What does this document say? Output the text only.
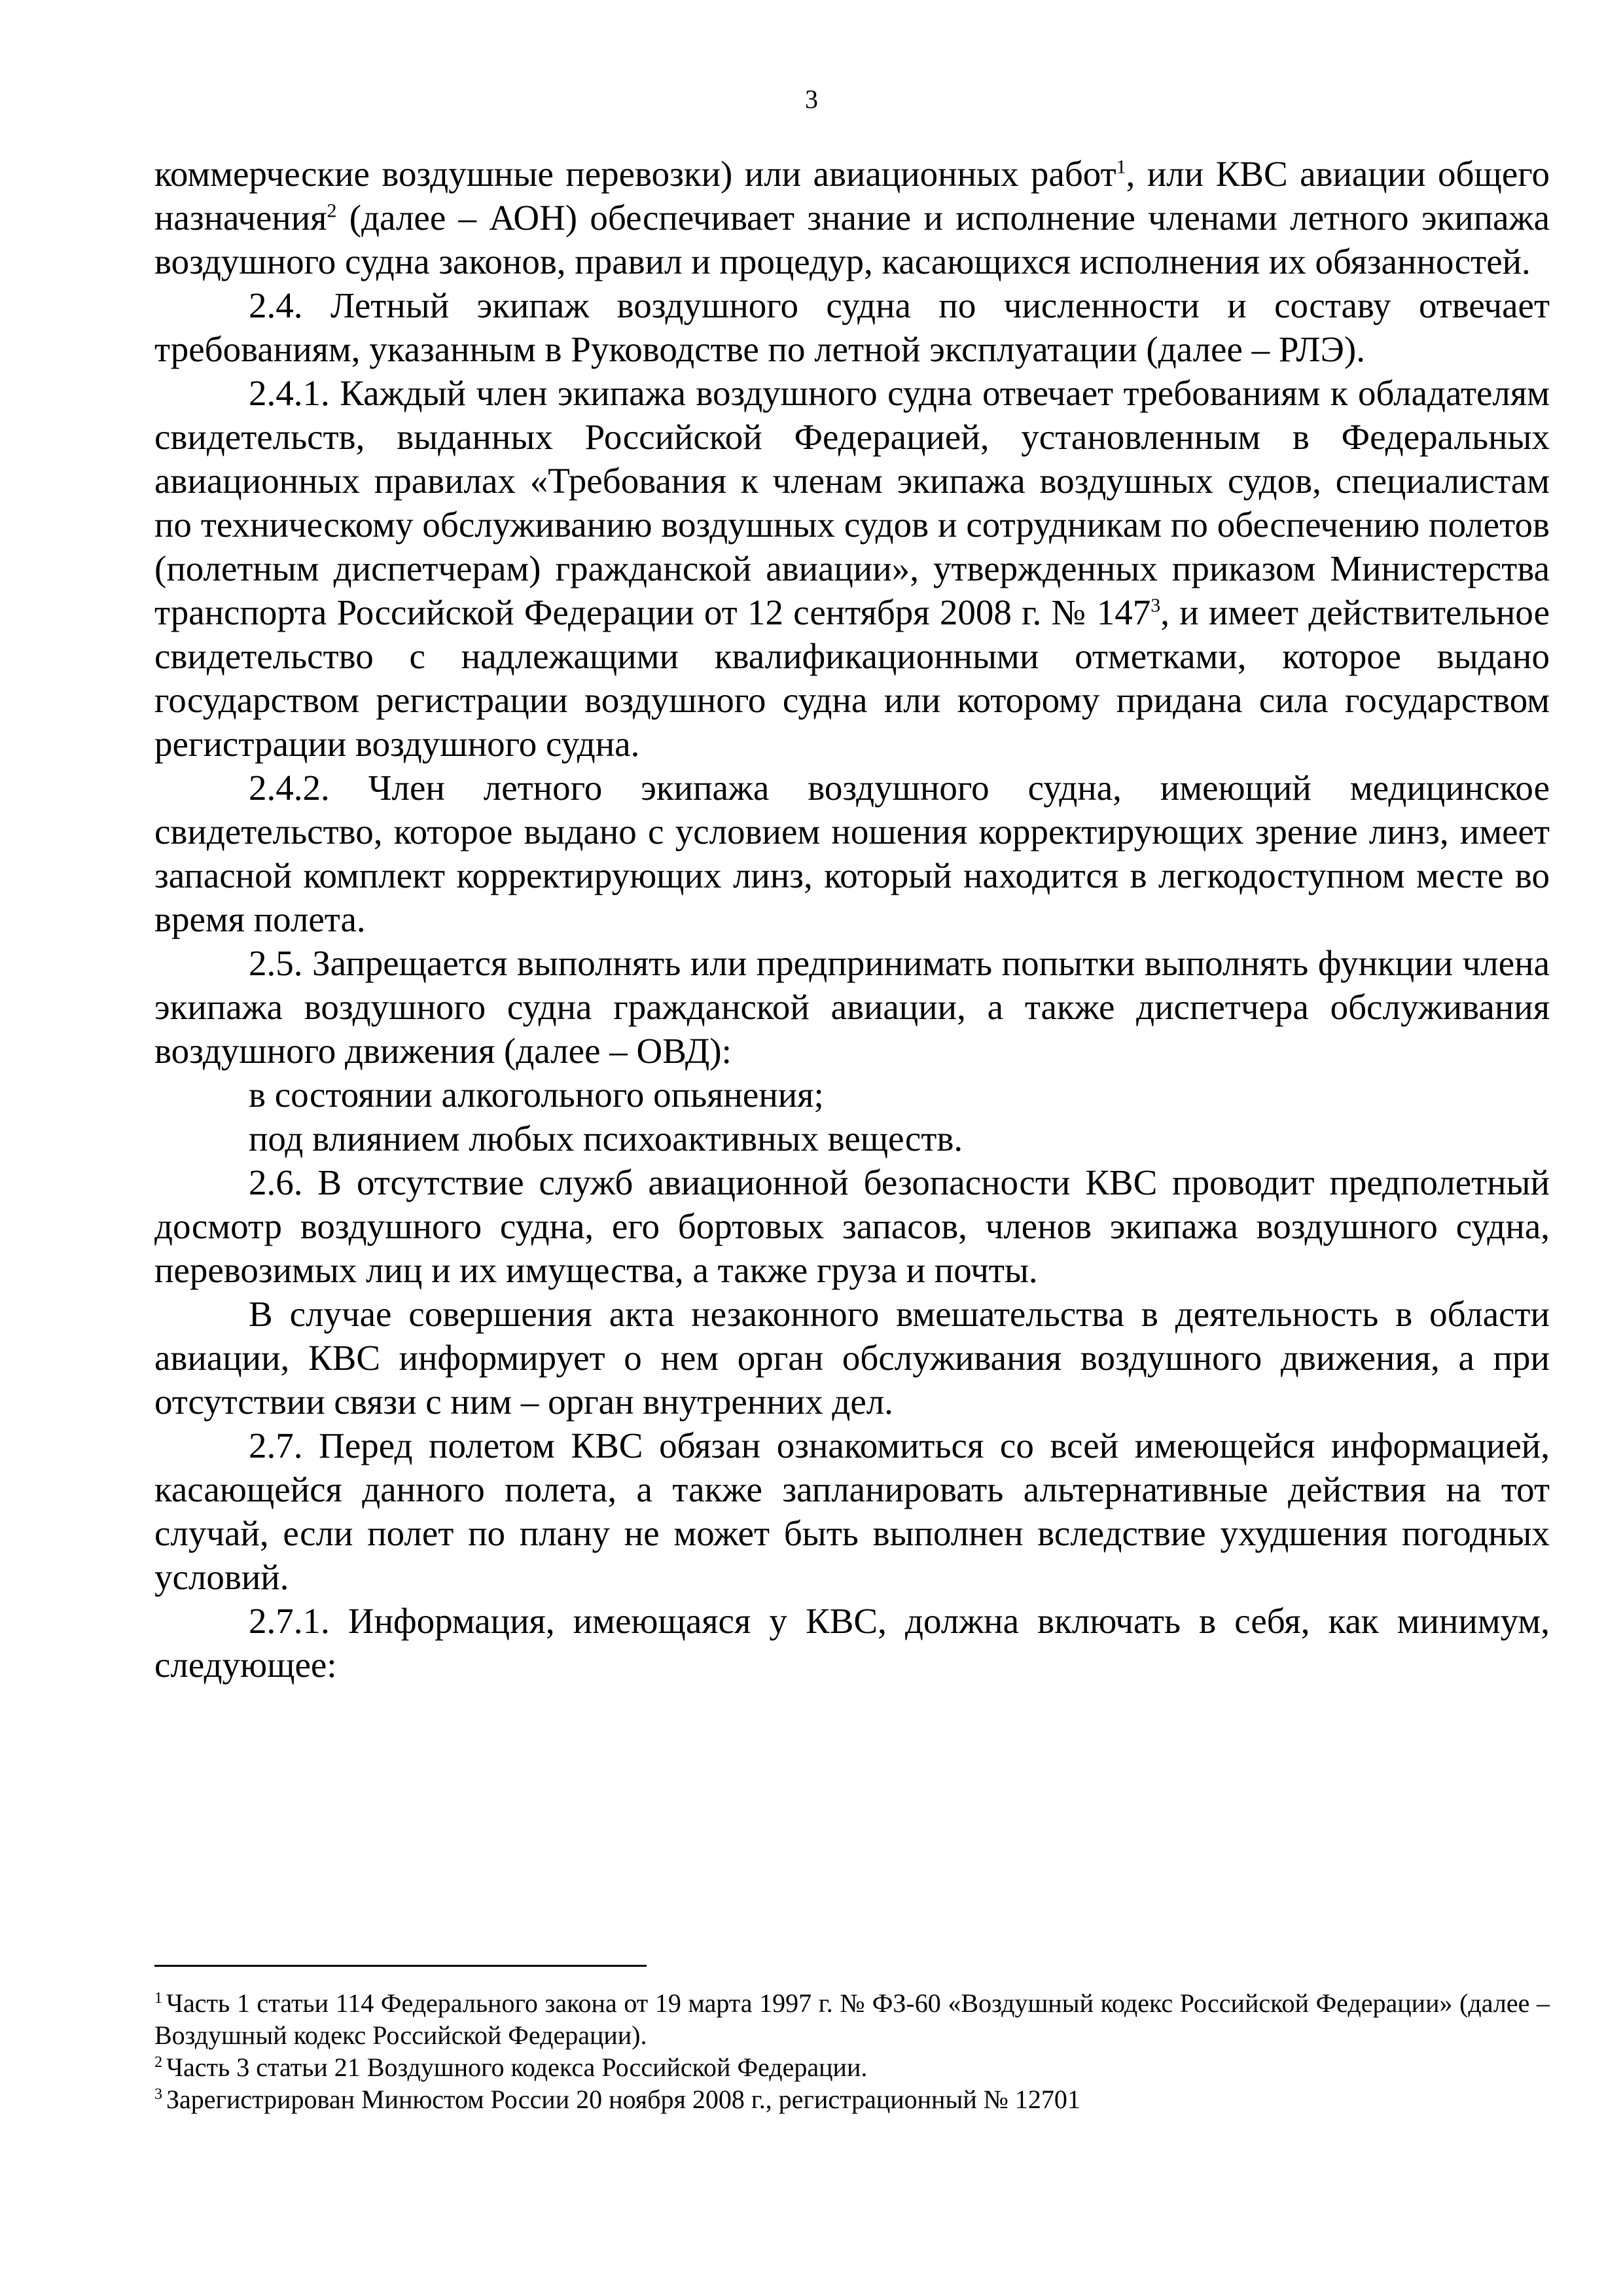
3

коммерческие воздушные перевозки) или авиационных работ$^1$, или КВС авиации общего назначения$^2$ (далее – АОН) обеспечивает знание и исполнение членами летного экипажа воздушного судна законов, правил и процедур, касающихся исполнения их обязанностей.

2.4. Летный экипаж воздушного судна по численности и составу отвечает требованиям, указанным в Руководстве по летной эксплуатации (далее – РЛЭ).

2.4.1. Каждый член экипажа воздушного судна отвечает требованиям к обладателям свидетельств, выданных Российской Федерацией, установленным в Федеральных авиационных правилах «Требования к членам экипажа воздушных судов, специалистам по техническому обслуживанию воздушных судов и сотрудникам по обеспечению полетов (полетным диспетчерам) гражданской авиации», утвержденных приказом Министерства транспорта Российской Федерации от 12 сентября 2008 г. № $147^3$, и имеет действительное свидетельство с надлежащими квалификационными отметками, которое выдано государством регистрации воздушного судна или которому придана сила государством регистрации воздушного судна.

2.4.2. Член летного экипажа воздушного судна, имеющий медицинское свидетельство, которое выдано с условием ношения корректирующих зрение линз, имеет запасной комплект корректирующих линз, который находится в легкодоступном месте во время полета.

2.5. Запрещается выполнять или предпринимать попытки выполнять функции члена экипажа воздушного судна гражданской авиации, а также диспетчера обслуживания воздушного движения (далее – ОВД):

в состоянии алкогольного опьянения;

под влиянием любых психоактивных веществ.

2.6. В отсутствие служб авиационной безопасности КВС проводит предполетный досмотр воздушного судна, его бортовых запасов, членов экипажа воздушного судна, перевозимых лиц и их имущества, а также груза и почты.

В случае совершения акта незаконного вмешательства в деятельность в области авиации, КВС информирует о нем орган обслуживания воздушного движения, а при отсутствии связи с ним – орган внутренних дел.

2.7. Перед полетом КВС обязан ознакомиться со всей имеющейся информацией, касающейся данного полета, а также запланировать альтернативные действия на тот случай, если полет по плану не может быть выполнен вследствие ухудшения погодных условий.

2.7.1. Информация, имеющаяся у КВС, должна включать в себя, как минимум, следующее:

$^1$ Часть 1 статьи 114 Федерального закона от 19 марта 1997 г. № ФЗ-60 «Воздушный кодекс Российской Федерации» (далее – Воздушный кодекс Российской Федерации).

$^2$ Часть 3 статьи 21 Воздушного кодекса Российской Федерации.

$^3$ Зарегистрирован Минюстом России 20 ноября 2008 г., регистрационный № 12701
